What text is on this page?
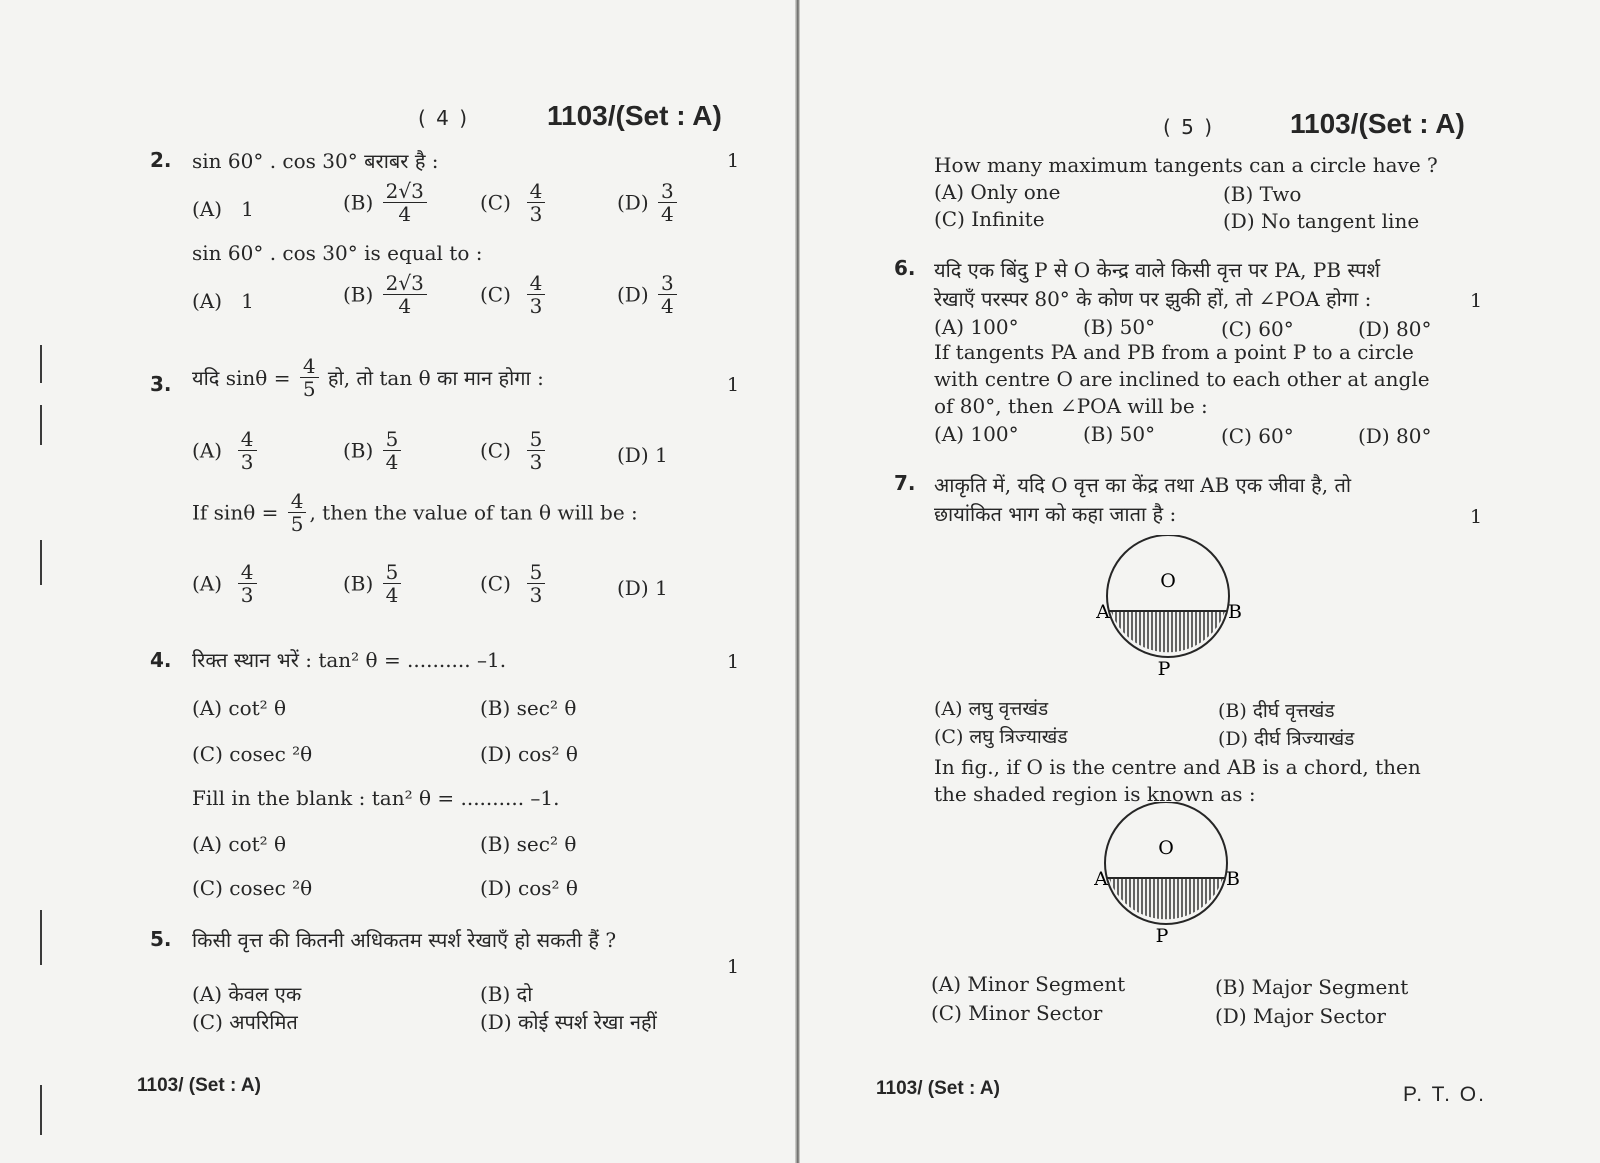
( 4 )	1103/(Set : A)
2. sin 60° . cos 30° बराबर है :	1
(A) 1	$(B) \frac{2√3}{4}$	$(C) \frac{4}{3}$	$(D) \frac{3}{4}$
sin 60° . cos 30° is equal to :
(A) 1	$(B) \frac{2√3}{4}$	$(C) \frac{4}{3}$	$(D) \frac{3}{4}$
3. यदि $\sin\theta = \frac{4}{5}$ हो, तो tan θ का मान होगा :	1
$(A) \frac{4}{3}$	$(B) \frac{5}{4}$	$(C) \frac{5}{3}$	(D) 1
If $\sin\theta = \frac{4}{5}$ , then the value of tan θ will be :
$(A) \frac{4}{3}$	$(B) \frac{5}{4}$	$(C) \frac{5}{3}$	(D) 1
4. रिक्त स्थान भरें : tan² θ = .......... –1.	1
(A) cot² θ	(B) sec² θ
(C) cosec ²θ	(D) cos² θ
Fill in the blank : tan² θ = .......... –1.
(A) cot² θ	(B) sec² θ
(C) cosec ²θ	(D) cos² θ
5. किसी वृत्त की कितनी अधिकतम स्पर्श रेखाएँ हो सकती हैं ?
1
(A) केवल एक	(B) दो
(C) अपरिमित	(D) कोई स्पर्श रेखा नहीं
1103/ (Set : A)
( 5 )	1103/(Set : A)
How many maximum tangents can a circle have ?
(A) Only one	(B) Two
(C) Infinite	(D) No tangent line
6. यदि एक बिंदु P से O केन्द्र वाले किसी वृत्त पर PA, PB स्पर्श
रेखाएँ परस्पर 80° के कोण पर झुकी हों, तो ∠POA होगा :	1
(A) 100°	(B) 50°	(C) 60°	(D) 80°
If tangents PA and PB from a point P to a circle
with centre O are inclined to each other at angle
of 80°, then ∠POA will be :
(A) 100°	(B) 50°	(C) 60°	(D) 80°
7. आकृति में, यदि O वृत्त का केंद्र तथा AB एक जीवा है, तो
छायांकित भाग को कहा जाता है :	1
O
A	B
P
(A) लघु वृत्तखंड	(B) दीर्घ वृत्तखंड
(C) लघु त्रिज्याखंड	(D) दीर्घ त्रिज्याखंड
In fig., if O is the centre and AB is a chord, then
the shaded region is known as :
O
A	B
P
(A) Minor Segment	(B) Major Segment
(C) Minor Sector	(D) Major Sector
1103/ (Set : A)	P. T. O.
